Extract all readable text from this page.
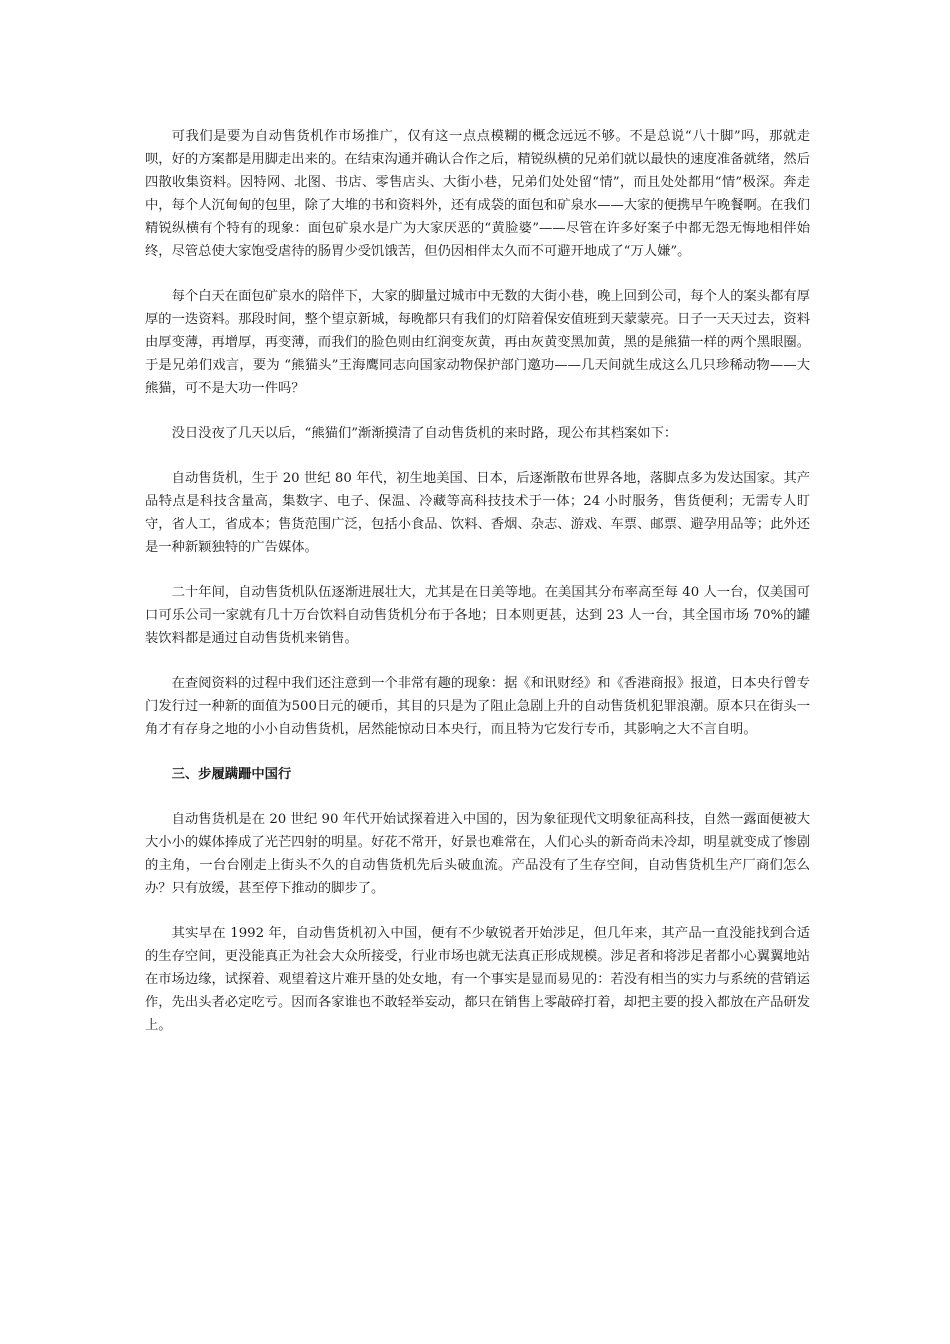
可我们是要为自动售货机作市场推广，仅有这一点点模糊的概念远远不够。不是总说“八十脚”吗，那就走呗，好的方案都是用脚走出来的。在结束沟通并确认合作之后，精锐纵横的兄弟们就以最快的速度准备就绪，然后四散收集资料。因特网、北图、书店、零售店头、大街小巷，兄弟们处处留“情”，而且处处都用“情”极深。奔走中，每个人沉甸甸的包里，除了大堆的书和资料外，还有成袋的面包和矿泉水——大家的便携早午晚餐啊。在我们精锐纵横有个特有的现象：面包矿泉水是广为大家厌恶的“黄脸婆”——尽管在许多好案子中都无怨无悔地相伴始终，尽管总使大家饱受虐待的肠胃少受饥饿苦，但仍因相伴太久而不可避开地成了“万人嫌”。

每个白天在面包矿泉水的陪伴下，大家的脚量过城市中无数的大街小巷，晚上回到公司，每个人的案头都有厚厚的一迭资料。那段时间，整个望京新城，每晚都只有我们的灯陪着保安值班到天蒙蒙亮。日子一天天过去，资料由厚变薄，再增厚，再变薄，而我们的脸色则由红润变灰黄，再由灰黄变黑加黄，黑的是熊猫一样的两个黑眼圈。于是兄弟们戏言，要为 “熊猫头”王海鹰同志向国家动物保护部门邀功——几天间就生成这么几只珍稀动物——大熊猫，可不是大功一件吗？

没日没夜了几天以后，“熊猫们”渐渐摸清了自动售货机的来时路，现公布其档案如下：

自动售货机，生于 20 世纪 80 年代，初生地美国、日本，后逐渐散布世界各地，落脚点多为发达国家。其产品特点是科技含量高，集数字、电子、保温、冷藏等高科技技术于一体；24 小时服务，售货便利；无需专人盯守，省人工，省成本；售货范围广泛，包括小食品、饮料、香烟、杂志、游戏、车票、邮票、避孕用品等；此外还是一种新颖独特的广告媒体。

二十年间，自动售货机队伍逐渐进展壮大，尤其是在日美等地。在美国其分布率高至每 40 人一台，仅美国可口可乐公司一家就有几十万台饮料自动售货机分布于各地；日本则更甚，达到 23 人一台，其全国市场 70%的罐装饮料都是通过自动售货机来销售。

在查阅资料的过程中我们还注意到一个非常有趣的现象：据《和讯财经》和《香港商报》报道，日本央行曾专门发行过一种新的面值为500日元的硬币，其目的只是为了阻止急剧上升的自动售货机犯罪浪潮。原本只在街头一角才有存身之地的小小自动售货机，居然能惊动日本央行，而且特为它发行专币，其影响之大不言自明。

三、步履蹒跚中国行

自动售货机是在 20 世纪 90 年代开始试探着进入中国的，因为象征现代文明象征高科技，自然一露面便被大大小小的媒体捧成了光芒四射的明星。好花不常开，好景也难常在，人们心头的新奇尚未冷却，明星就变成了惨剧的主角，一台台刚走上街头不久的自动售货机先后头破血流。产品没有了生存空间，自动售货机生产厂商们怎么办？只有放缓，甚至停下推动的脚步了。

其实早在 1992 年，自动售货机初入中国，便有不少敏锐者开始涉足，但几年来，其产品一直没能找到合适的生存空间，更没能真正为社会大众所接受，行业市场也就无法真正形成规模。涉足者和将涉足者都小心翼翼地站在市场边缘，试探着、观望着这片难开垦的处女地，有一个事实是显而易见的：若没有相当的实力与系统的营销运作，先出头者必定吃亏。因而各家谁也不敢轻举妄动，都只在销售上零敲碎打着，却把主要的投入都放在产品研发上。
